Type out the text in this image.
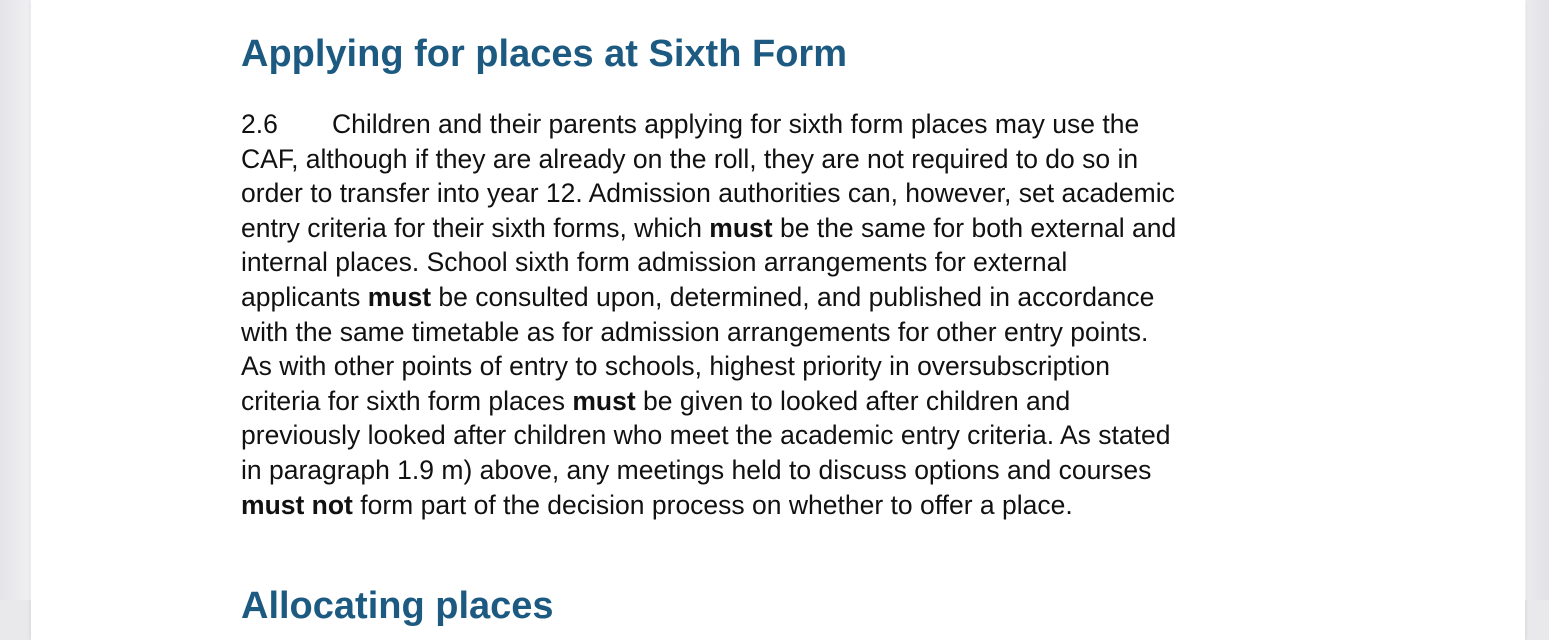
Applying for places at Sixth Form
2.6 Children and their parents applying for sixth form places may use the
CAF, although if they are already on the roll, they are not required to do so in
order to transfer into year 12. Admission authorities can, however, set academic
entry criteria for their sixth forms, which must be the same for both external and
internal places. School sixth form admission arrangements for external
applicants must be consulted upon, determined, and published in accordance
with the same timetable as for admission arrangements for other entry points.
As with other points of entry to schools, highest priority in oversubscription
criteria for sixth form places must be given to looked after children and
previously looked after children who meet the academic entry criteria. As stated
in paragraph 1.9 m) above, any meetings held to discuss options and courses
must not form part of the decision process on whether to offer a place.
Allocating places
